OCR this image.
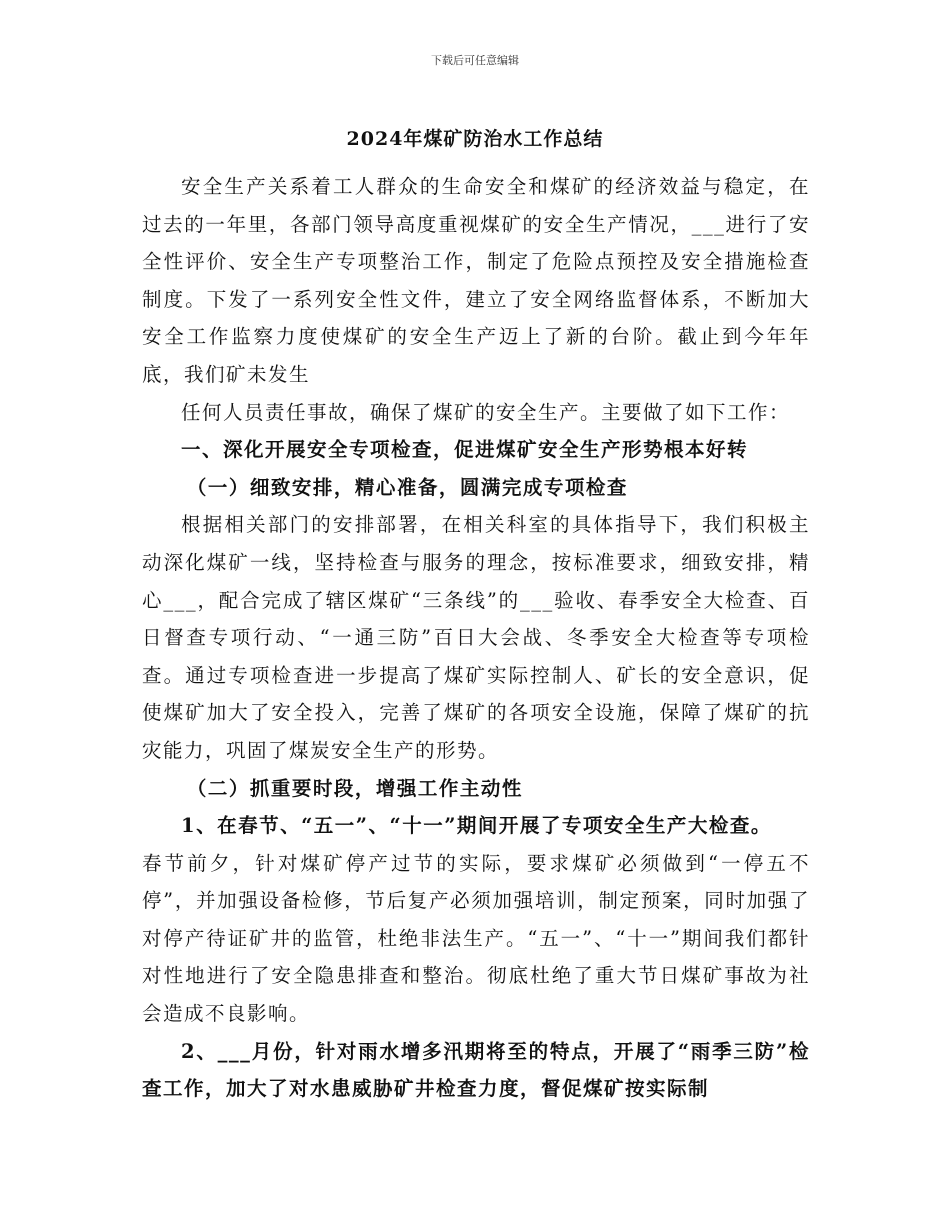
下载后可任意编辑
2024年煤矿防治水工作总结

安全生产关系着工人群众的生命安全和煤矿的经济效益与稳定，在过去的一年里，各部门领导高度重视煤矿的安全生产情况，___进行了安全性评价、安全生产专项整治工作，制定了危险点预控及安全措施检查制度。下发了一系列安全性文件，建立了安全网络监督体系，不断加大安全工作监察力度使煤矿的安全生产迈上了新的台阶。截止到今年年底，我们矿未发生

任何人员责任事故，确保了煤矿的安全生产。主要做了如下工作：

一、深化开展安全专项检查，促进煤矿安全生产形势根本好转

（一）细致安排，精心准备，圆满完成专项检查

根据相关部门的安排部署，在相关科室的具体指导下，我们积极主动深化煤矿一线，坚持检查与服务的理念，按标准要求，细致安排，精心___，配合完成了辖区煤矿“三条线”的___验收、春季安全大检查、百日督查专项行动、“一通三防”百日大会战、冬季安全大检查等专项检查。通过专项检查进一步提高了煤矿实际控制人、矿长的安全意识，促使煤矿加大了安全投入，完善了煤矿的各项安全设施，保障了煤矿的抗灾能力，巩固了煤炭安全生产的形势。

（二）抓重要时段，增强工作主动性

1、在春节、“五一”、“十一”期间开展了专项安全生产大检查。

春节前夕，针对煤矿停产过节的实际，要求煤矿必须做到“一停五不停”，并加强设备检修，节后复产必须加强培训，制定预案，同时加强了对停产待证矿井的监管，杜绝非法生产。“五一”、“十一”期间我们都针对性地进行了安全隐患排查和整治。彻底杜绝了重大节日煤矿事故为社会造成不良影响。

2、___月份，针对雨水增多汛期将至的特点，开展了“雨季三防”检查工作，加大了对水患威胁矿井检查力度，督促煤矿按实际制
